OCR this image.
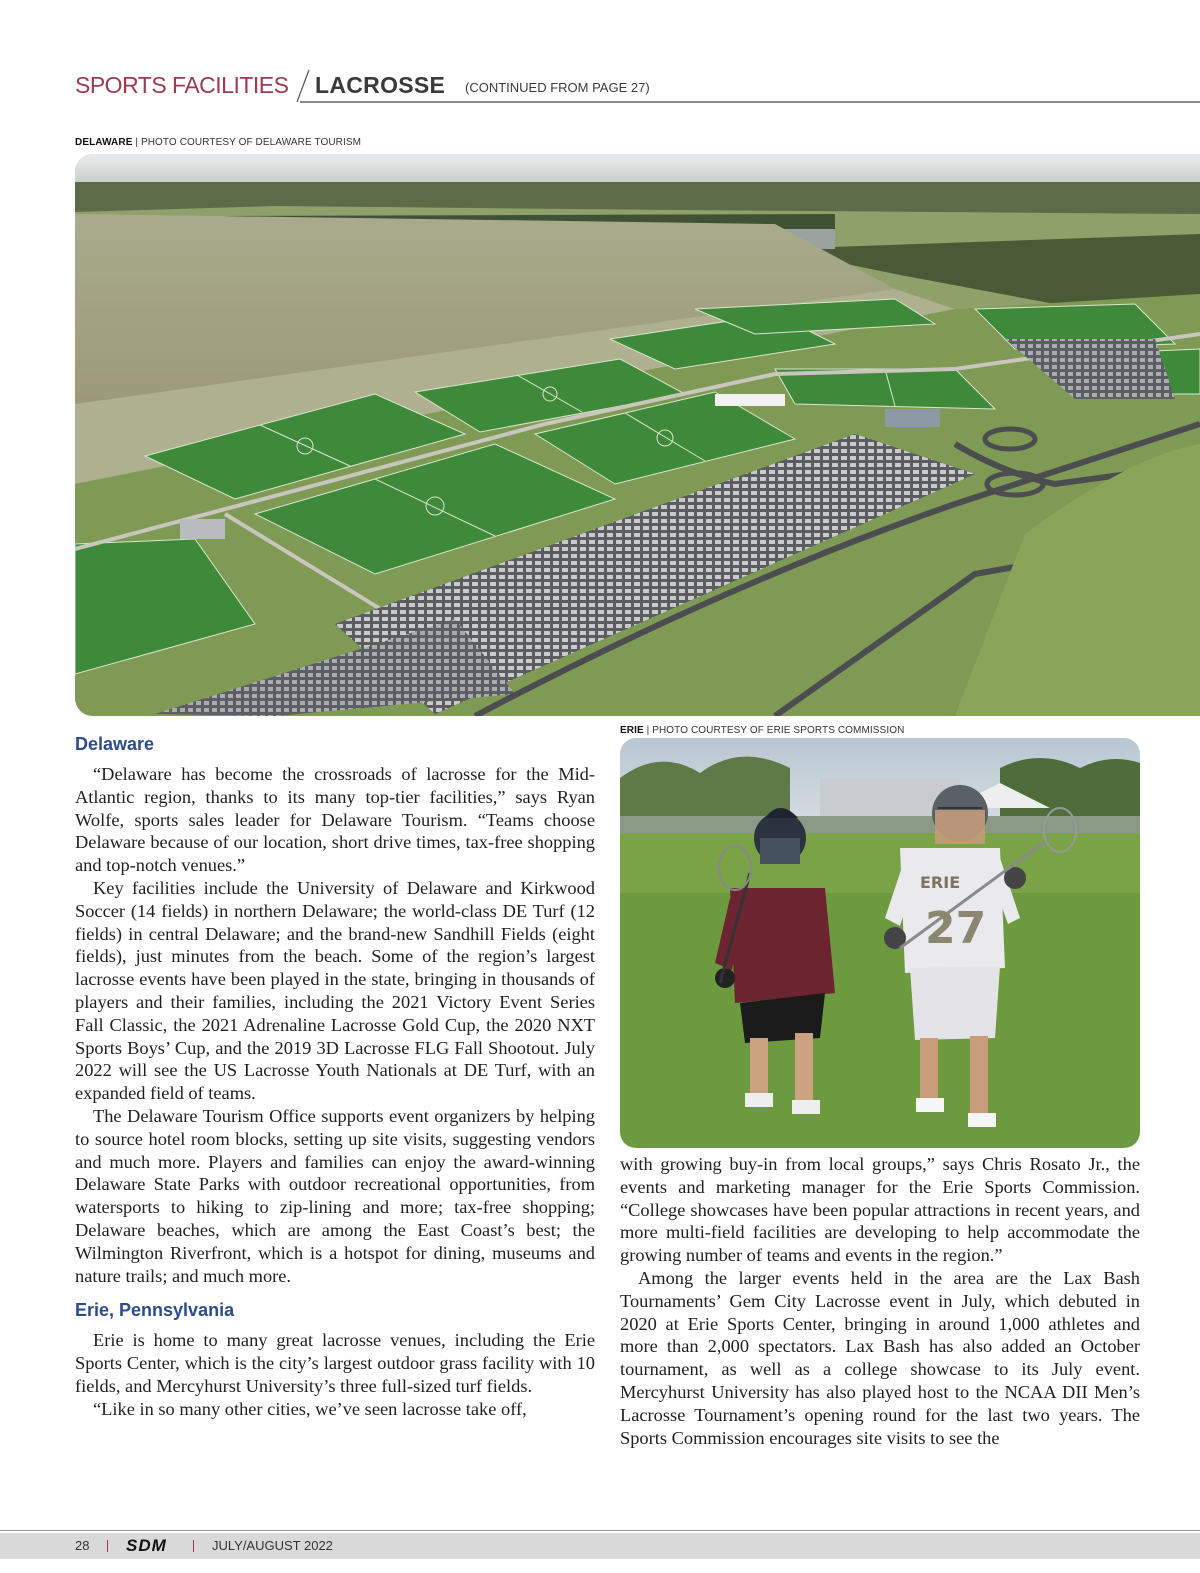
SPORTS FACILITIES LACROSSE (CONTINUED FROM PAGE 27)
DELAWARE | PHOTO COURTESY OF DELAWARE TOURISM
ERIE | PHOTO COURTESY OF ERIE SPORTS COMMISSION
ERIE
27
Delaware

“Delaware has become the crossroads of lacrosse for the Mid-Atlantic region, thanks to its many top-tier facilities,” says Ryan Wolfe, sports sales leader for Delaware Tourism. “Teams choose Delaware because of our location, short drive times, tax-free shopping and top-notch venues.”

Key facilities include the University of Delaware and Kirkwood Soccer (14 fields) in northern Delaware; the world-class DE Turf (12 fields) in central Delaware; and the brand-new Sandhill Fields (eight fields), just minutes from the beach. Some of the region’s largest lacrosse events have been played in the state, bringing in thousands of players and their families, including the 2021 Victory Event Series Fall Classic, the 2021 Adrenaline Lacrosse Gold Cup, the 2020 NXT Sports Boys’ Cup, and the 2019 3D Lacrosse FLG Fall Shootout. July 2022 will see the US Lacrosse Youth Nationals at DE Turf, with an expanded field of teams.

The Delaware Tourism Office supports event organizers by helping to source hotel room blocks, setting up site visits, suggesting vendors and much more. Players and families can enjoy the award-winning Delaware State Parks with outdoor recreational opportunities, from watersports to hiking to zip-lining and more; tax-free shopping; Delaware beaches, which are among the East Coast’s best; the Wilmington Riverfront, which is a hotspot for dining, museums and nature trails; and much more.

Erie, Pennsylvania

Erie is home to many great lacrosse venues, including the Erie Sports Center, which is the city’s largest outdoor grass facility with 10 fields, and Mercyhurst University’s three full-sized turf fields.

“Like in so many other cities, we’ve seen lacrosse take off,

with growing buy-in from local groups,” says Chris Rosato Jr., the events and marketing manager for the Erie Sports Commission. “College showcases have been popular attractions in recent years, and more multi-field facilities are developing to help accommodate the growing number of teams and events in the region.”

Among the larger events held in the area are the Lax Bash Tournaments’ Gem City Lacrosse event in July, which debuted in 2020 at Erie Sports Center, bringing in around 1,000 athletes and more than 2,000 spectators. Lax Bash has also added an October tournament, as well as a college showcase to its July event. Mercyhurst University has also played host to the NCAA DII Men’s Lacrosse Tournament’s opening round for the last two years. The Sports Commission encourages site visits to see the

28 SDM	JULY/AUGUST 2022
